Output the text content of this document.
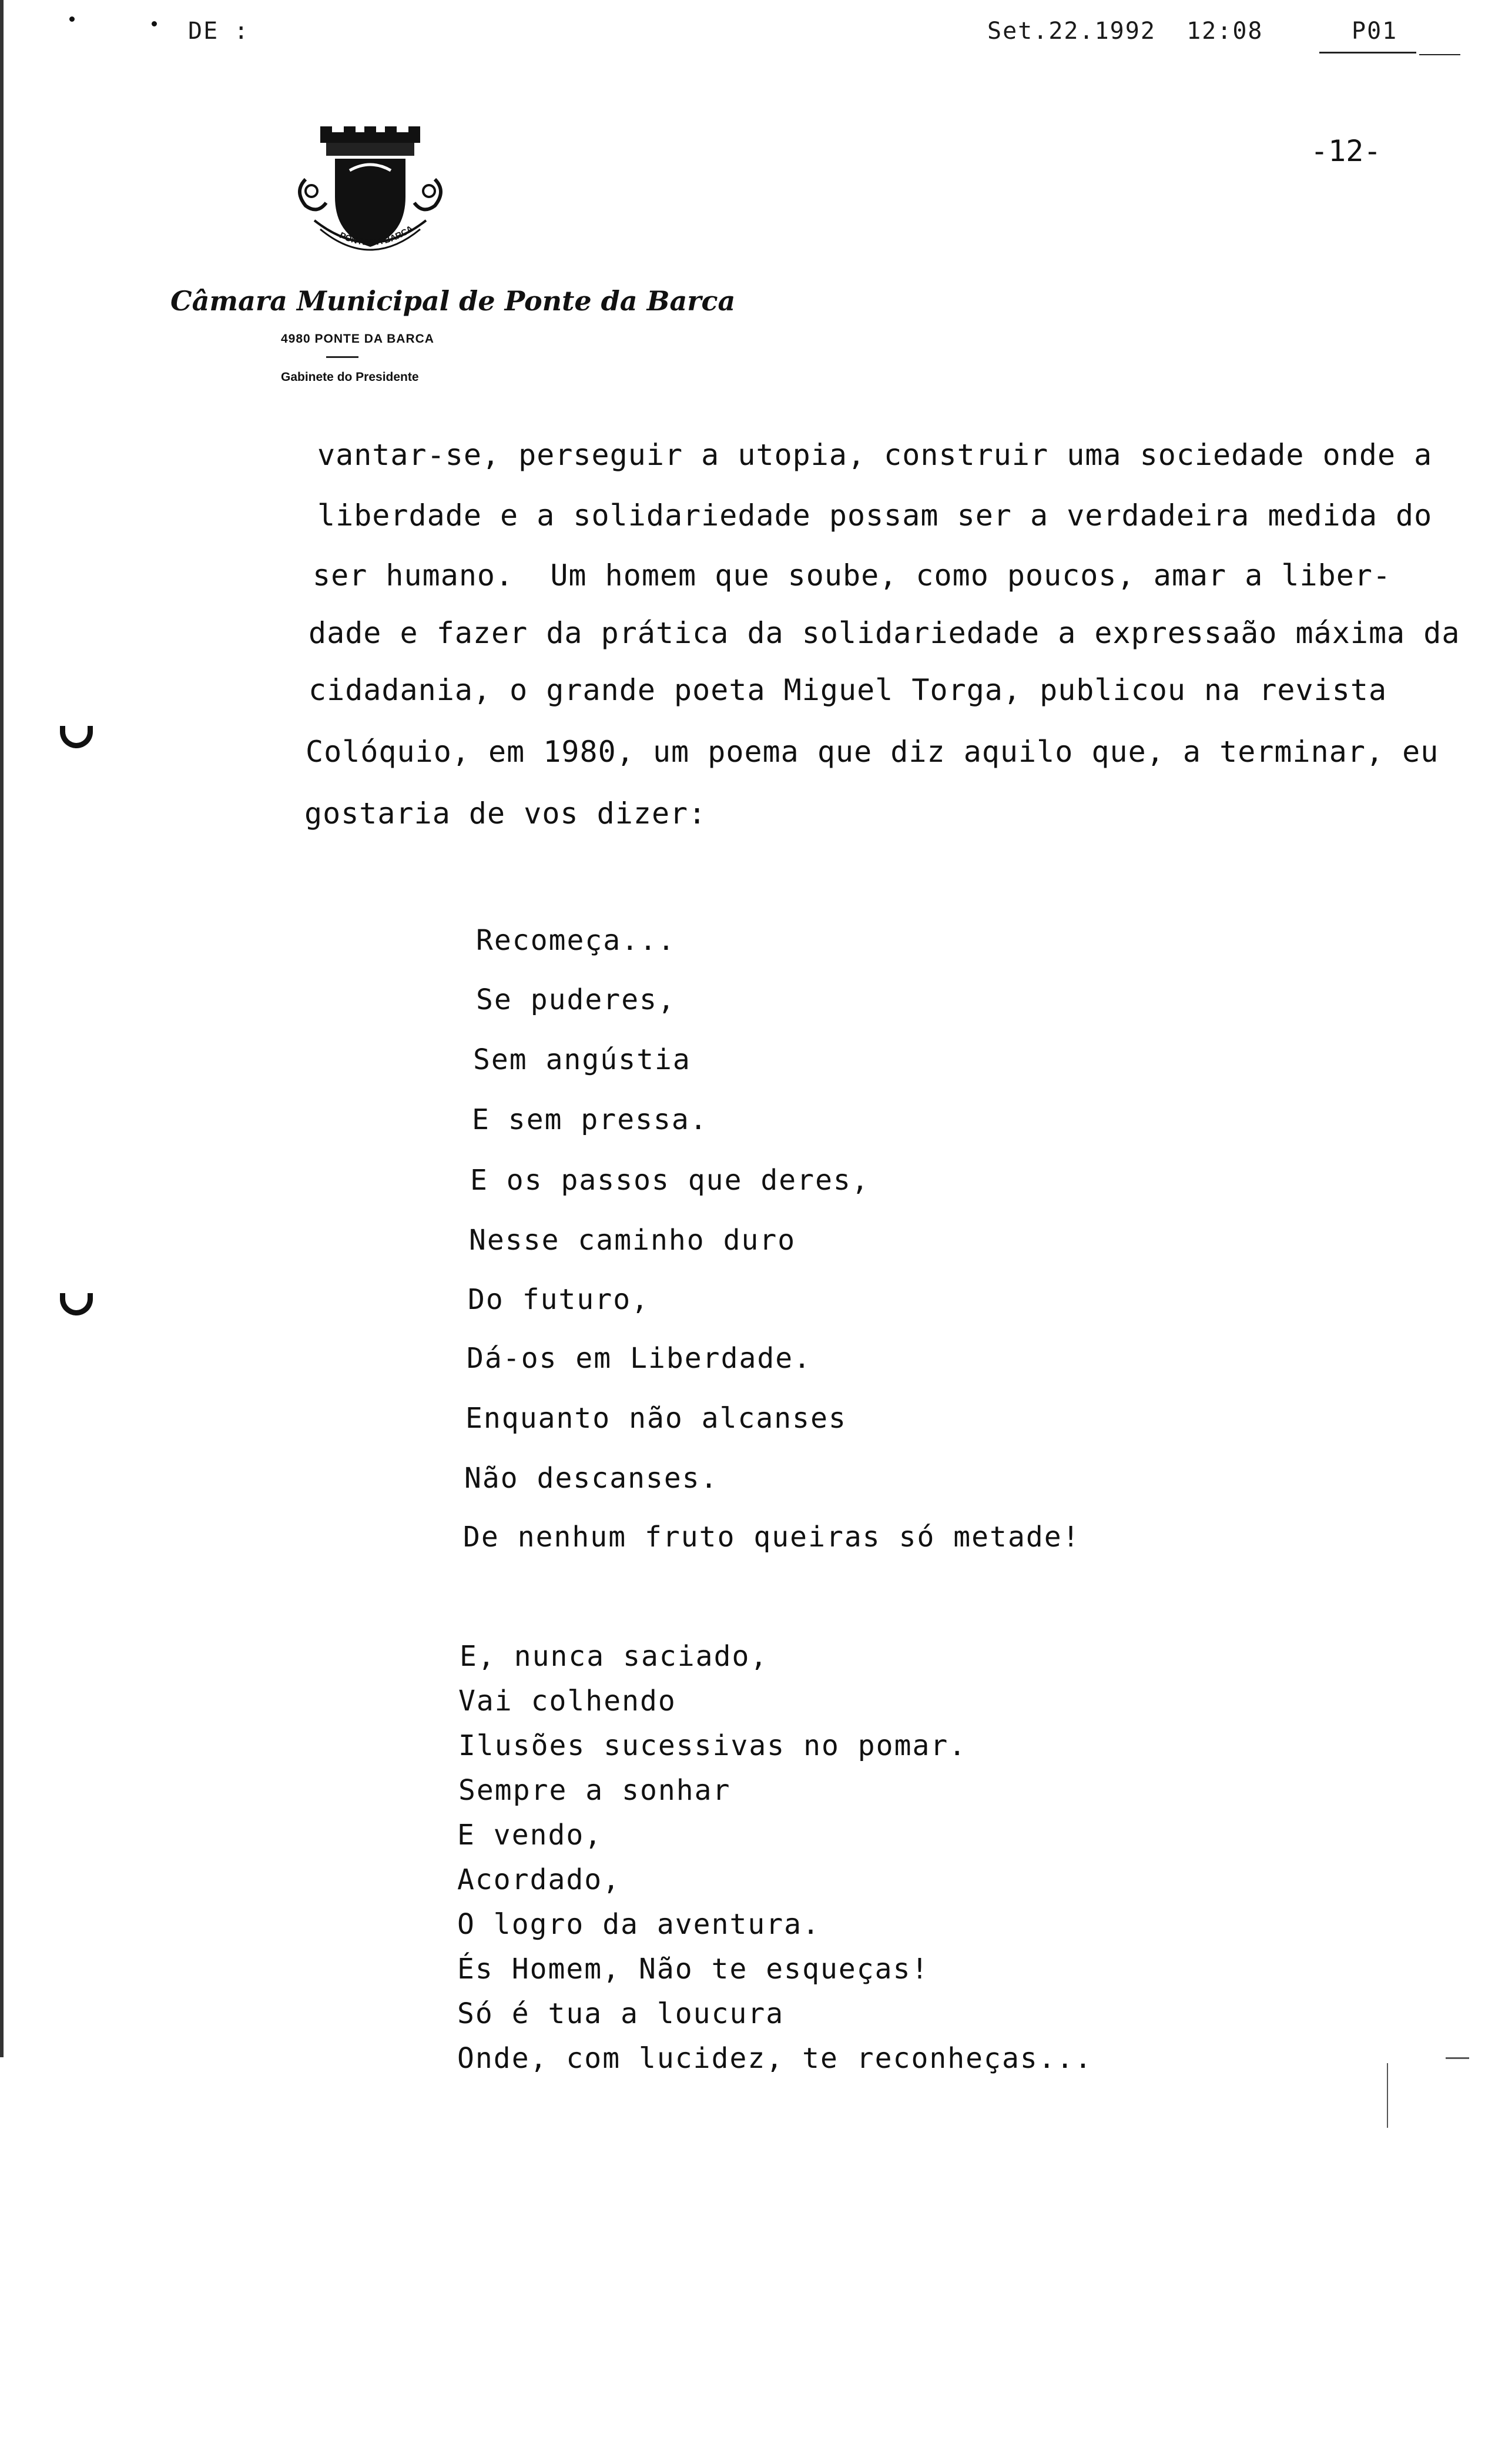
DE :	Set.22.1992  12:08	P01
-12-
PONTE DA BARCA
Câmara Municipal de Ponte da Barca
4980 PONTE DA BARCA
Gabinete do Presidente
vantar-se, perseguir a utopia, construir uma sociedade onde a
liberdade e a solidariedade possam ser a verdadeira medida do
ser humano.  Um homem que soube, como poucos, amar a liber-
dade e fazer da prática da solidariedade a expressaão máxima da
cidadania, o grande poeta Miguel Torga, publicou na revista
Colóquio, em 1980, um poema que diz aquilo que, a terminar, eu
gostaria de vos dizer:
Recomeça...
Se puderes,
Sem angústia
E sem pressa.
E os passos que deres,
Nesse caminho duro
Do futuro,
Dá-os em Liberdade.
Enquanto não alcanses
Não descanses.
De nenhum fruto queiras só metade!
E, nunca saciado,
Vai colhendo
Ilusões sucessivas no pomar.
Sempre a sonhar
E vendo,
Acordado,
O logro da aventura.
És Homem, Não te esqueças!
Só é tua a loucura
Onde, com lucidez, te reconheças...
